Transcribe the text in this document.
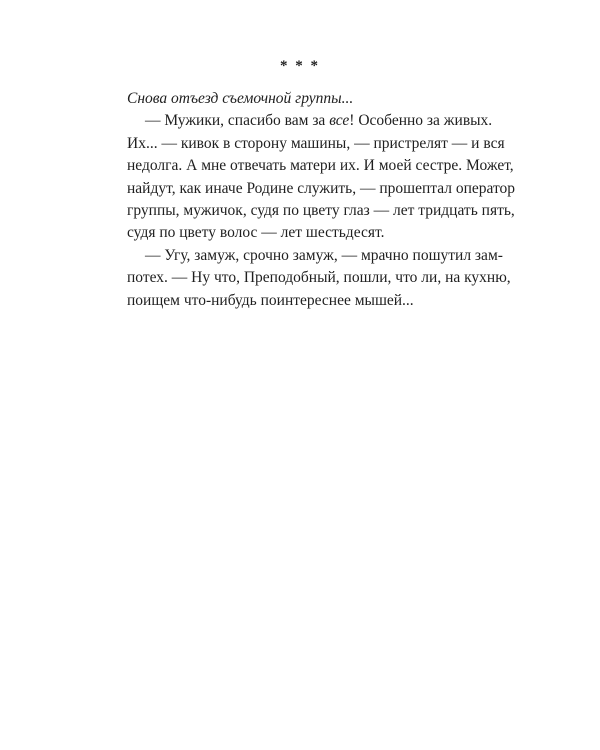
* * *
Снова отъезд съемочной группы...
— Мужики, спасибо вам за все! Особенно за живых.
Их... — кивок в сторону машины, — пристрелят — и вся
недолга. А мне отвечать матери их. И моей сестре. Может,
найдут, как иначе Родине служить, — прошептал оператор
группы, мужичок, судя по цвету глаз — лет тридцать пять,
судя по цвету волос — лет шестьдесят.
— Угу, замуж, срочно замуж, — мрачно пошутил зам-
потех. — Ну что, Преподобный, пошли, что ли, на кухню,
поищем что-нибудь поинтереснее мышей...
